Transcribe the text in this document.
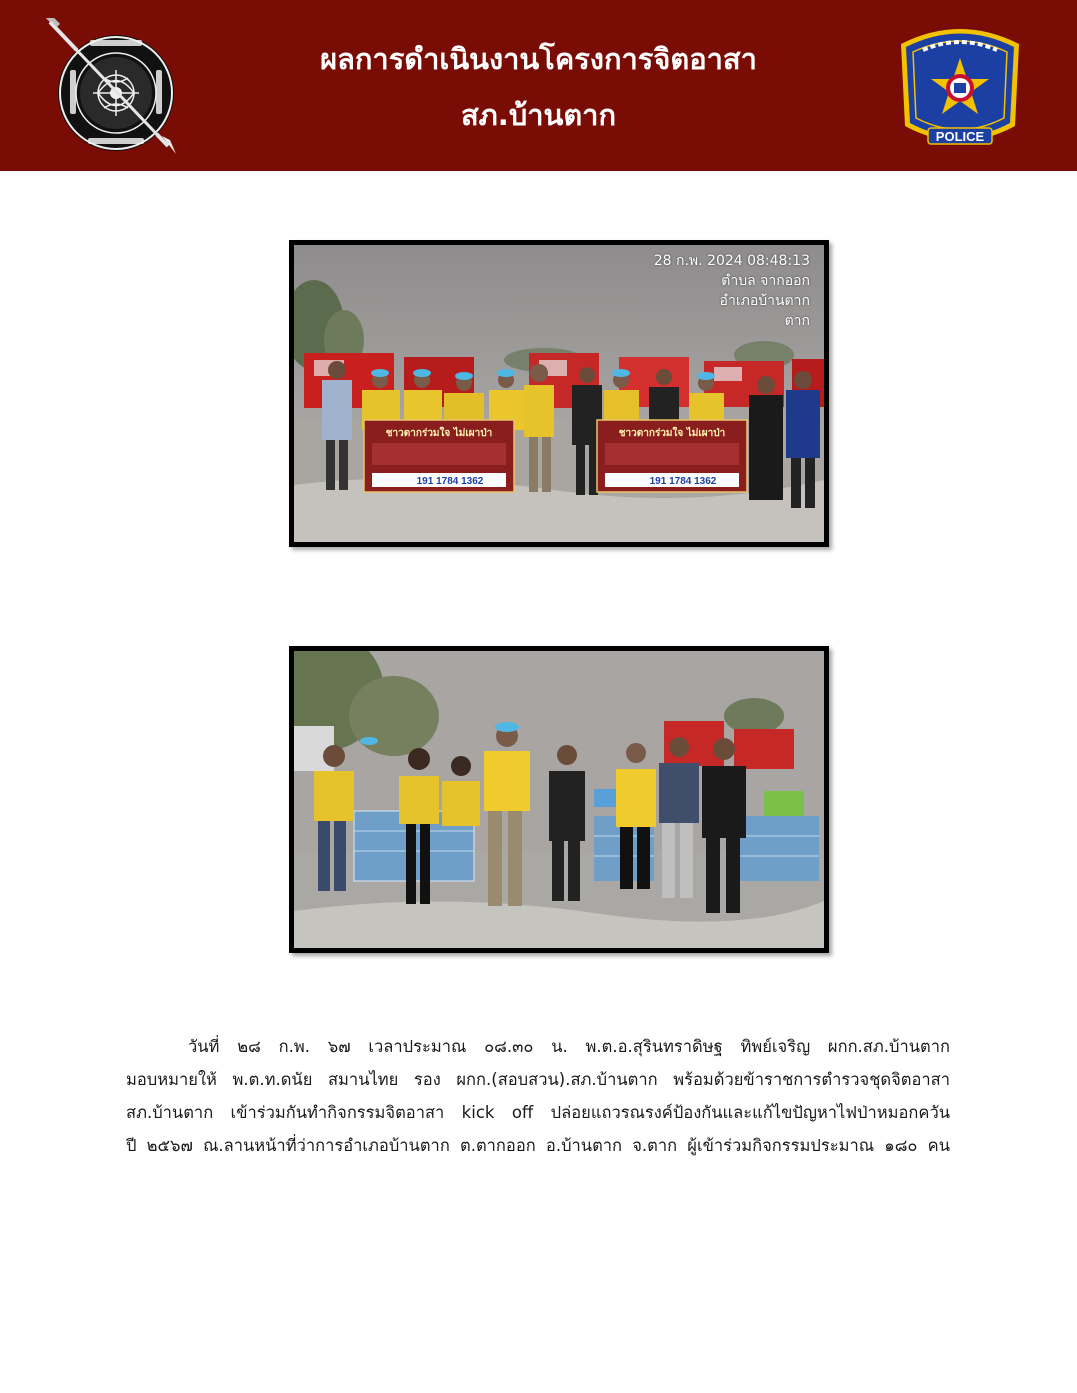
ผลการดำเนินงานโครงการจิตอาสา
สภ.บ้านตาก
POLICE
ชาวตากร่วมใจ ไม่เผาป่า
191 1784 1362
ชาวตากร่วมใจ ไม่เผาป่า
191 1784 1362
28 ก.พ. 2024 08:48:13
ตำบล จากออก
อำเภอบ้านตาก
ตาก
วันที่ ๒๘ ก.พ. ๖๗ เวลาประมาณ ๐๘.๓๐ น. พ.ต.อ.สุรินทราดิษฐ ทิพย์เจริญ ผกก.สภ.บ้านตาก
มอบหมายให้ พ.ต.ท.ดนัย สมานไทย รอง ผกก.(สอบสวน).สภ.บ้านตาก พร้อมด้วยข้าราชการตำรวจชุดจิตอาสา
สภ.บ้านตาก เข้าร่วมกันทำกิจกรรมจิตอาสา kick off ปล่อยแถวรณรงค์ป้องกันและแก้ไขปัญหาไฟป่าหมอกควัน
ปี ๒๕๖๗ ณ.ลานหน้าที่ว่าการอำเภอบ้านตาก ต.ตากออก อ.บ้านตาก จ.ตาก ผู้เข้าร่วมกิจกรรมประมาณ ๑๘๐ คน
